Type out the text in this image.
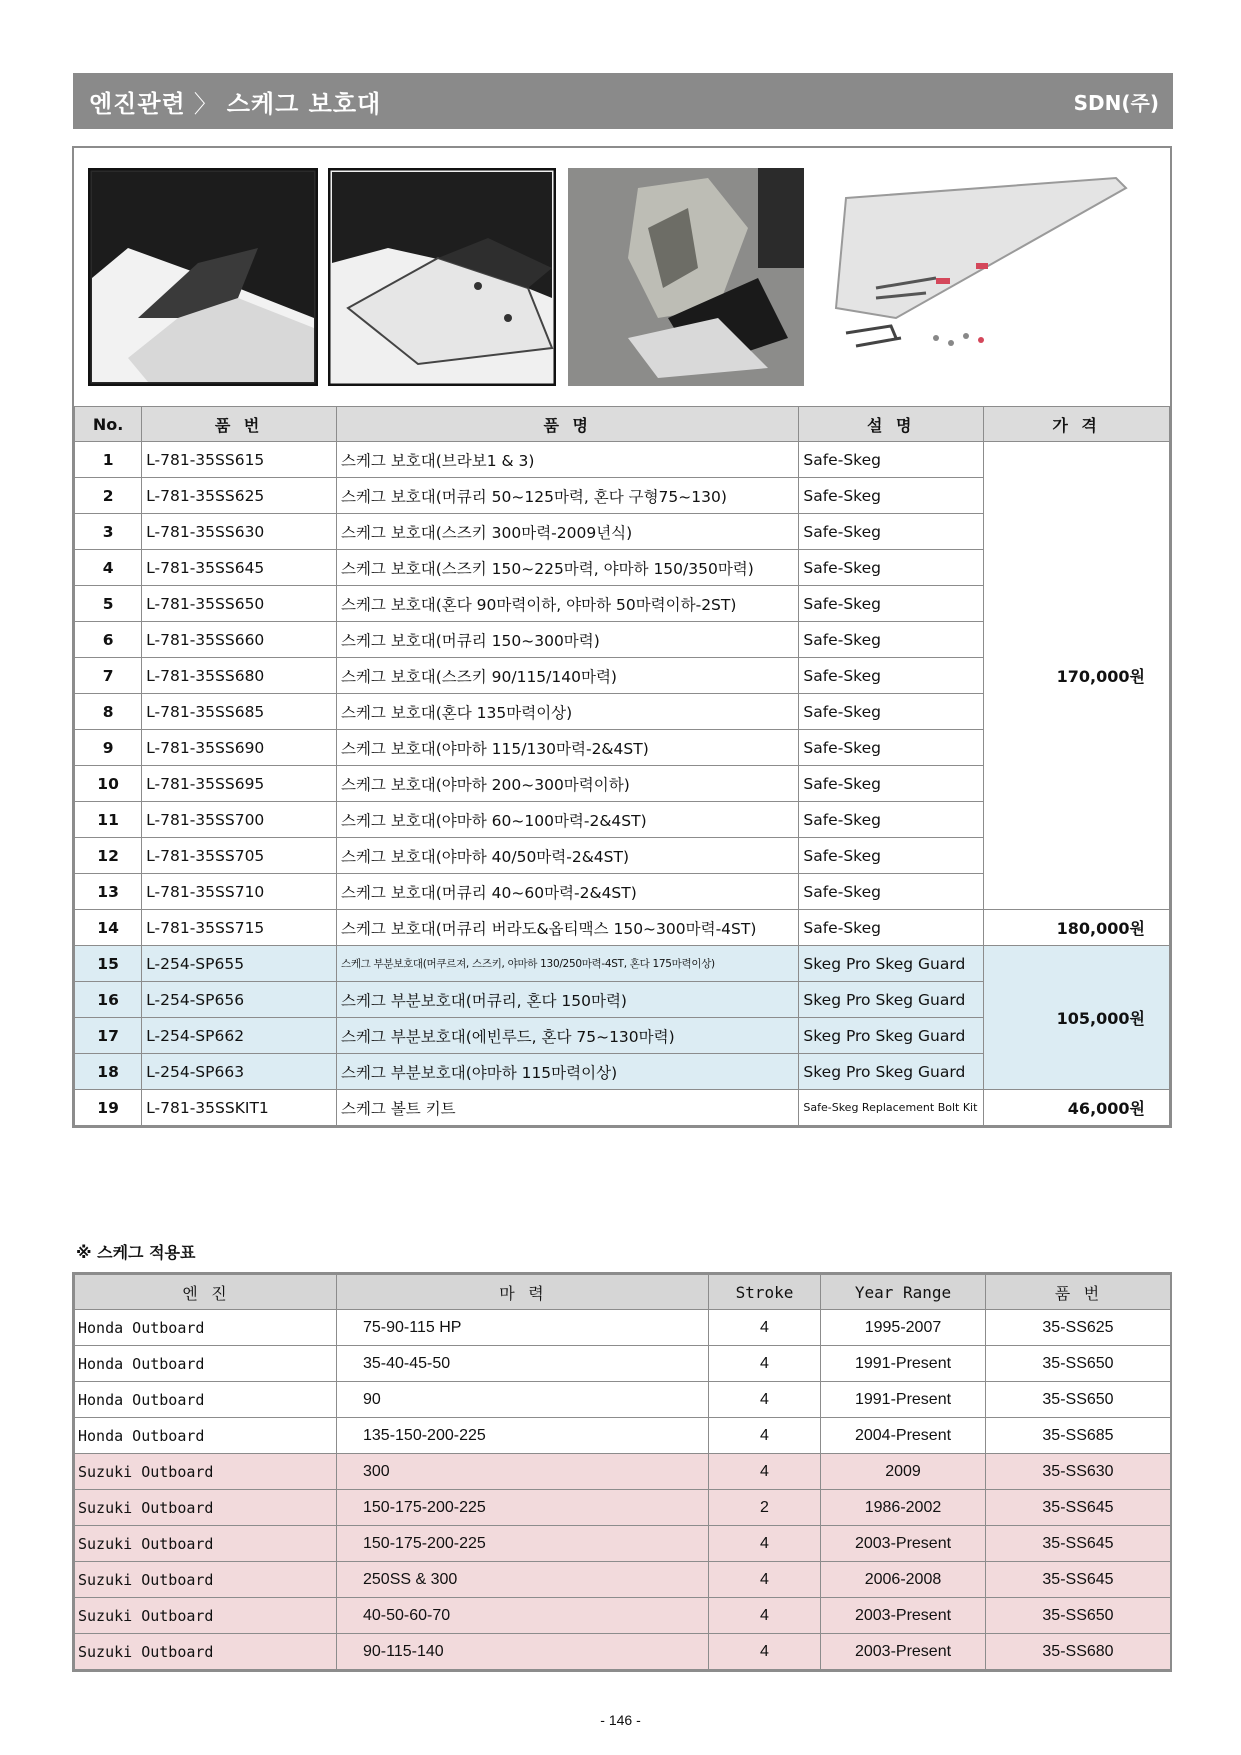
엔진관련 〉 스케그 보호대	SDN(주)
No.	품 번	품 명	설 명	가 격
1	L-781-35SS615	스케그 보호대(브라보1 & 3)	Safe-Skeg	170,000원
2	L-781-35SS625	스케그 보호대(머큐리 50~125마력, 혼다 구형75~130)	Safe-Skeg	
3	L-781-35SS630	스케그 보호대(스즈키 300마력-2009년식)	Safe-Skeg	
4	L-781-35SS645	스케그 보호대(스즈키 150~225마력, 야마하 150/350마력)	Safe-Skeg	
5	L-781-35SS650	스케그 보호대(혼다 90마력이하, 야마하 50마력이하-2ST)	Safe-Skeg	
6	L-781-35SS660	스케그 보호대(머큐리 150~300마력)	Safe-Skeg	
7	L-781-35SS680	스케그 보호대(스즈키 90/115/140마력)	Safe-Skeg	
8	L-781-35SS685	스케그 보호대(혼다 135마력이상)	Safe-Skeg	
9	L-781-35SS690	스케그 보호대(야마하 115/130마력-2&4ST)	Safe-Skeg	
10	L-781-35SS695	스케그 보호대(야마하 200~300마력이하)	Safe-Skeg	
11	L-781-35SS700	스케그 보호대(야마하 60~100마력-2&4ST)	Safe-Skeg	
12	L-781-35SS705	스케그 보호대(야마하 40/50마력-2&4ST)	Safe-Skeg	
13	L-781-35SS710	스케그 보호대(머큐리 40~60마력-2&4ST)	Safe-Skeg	
14	L-781-35SS715	스케그 보호대(머큐리 버라도&옵티맥스 150~300마력-4ST)	Safe-Skeg	180,000원
15	L-254-SP655	스케그 부분보호대(머쿠르져, 스즈키, 야마하 130/250마력-4ST, 혼다 175마력이상)	Skeg Pro Skeg Guard	105,000원
16	L-254-SP656	스케그 부분보호대(머큐리, 혼다 150마력)	Skeg Pro Skeg Guard	
17	L-254-SP662	스케그 부분보호대(에빈루드, 혼다 75~130마력)	Skeg Pro Skeg Guard	
18	L-254-SP663	스케그 부분보호대(야마하 115마력이상)	Skeg Pro Skeg Guard	
19	L-781-35SSKIT1	스케그 볼트 키트	Safe-Skeg Replacement Bolt Kit	46,000원
※ 스케그 적용표
엔 진	마 력	Stroke	Year Range	품 번
Honda Outboard	75-90-115 HP	4	1995-2007	35-SS625
Honda Outboard	35-40-45-50	4	1991-Present	35-SS650
Honda Outboard	90	4	1991-Present	35-SS650
Honda Outboard	135-150-200-225	4	2004-Present	35-SS685
Suzuki Outboard	300	4	2009	35-SS630
Suzuki Outboard	150-175-200-225	2	1986-2002	35-SS645
Suzuki Outboard	150-175-200-225	4	2003-Present	35-SS645
Suzuki Outboard	250SS & 300	4	2006-2008	35-SS645
Suzuki Outboard	40-50-60-70	4	2003-Present	35-SS650
Suzuki Outboard	90-115-140	4	2003-Present	35-SS680
- 146 -
